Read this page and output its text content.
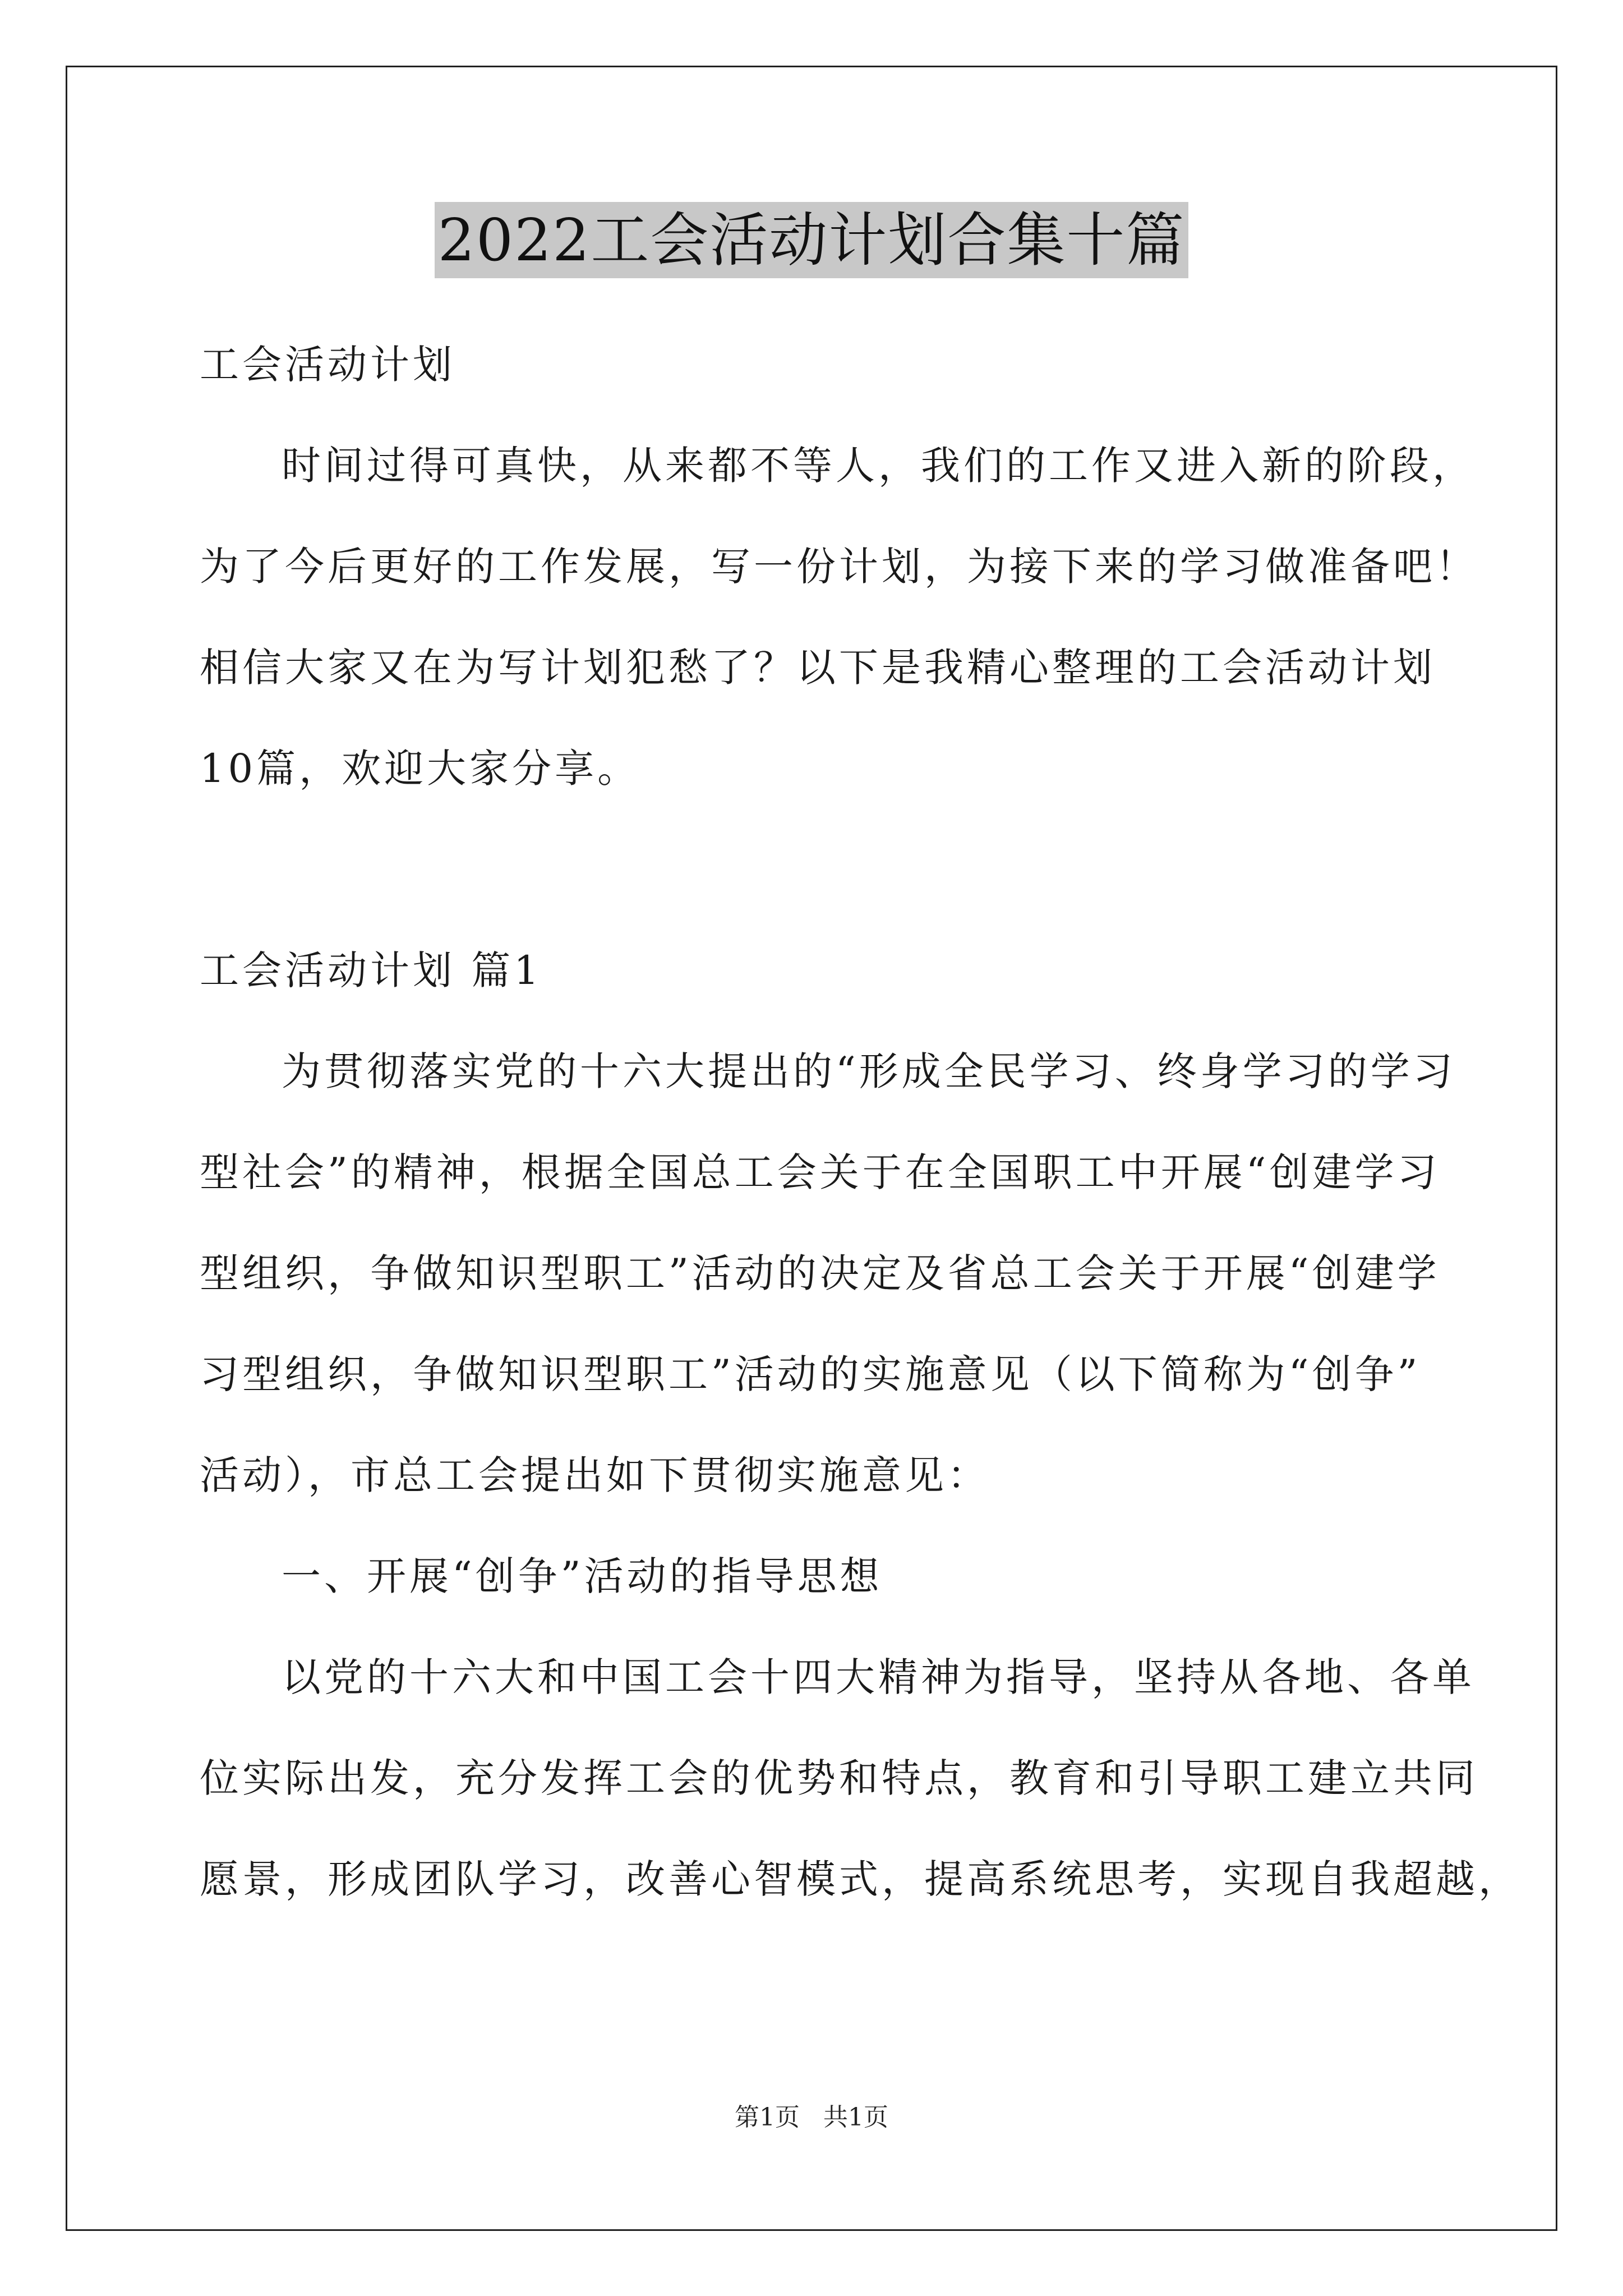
2022工会活动计划合集十篇

工会活动计划

时间过得可真快，从来都不等人，我们的工作又进入新的阶段，

为了今后更好的工作发展，写一份计划，为接下来的学习做准备吧！

相信大家又在为写计划犯愁了？以下是我精心整理的工会活动计划

10篇，欢迎大家分享。

工会活动计划 篇1

为贯彻落实党的十六大提出的“形成全民学习、终身学习的学习

型社会”的精神，根据全国总工会关于在全国职工中开展“创建学习

型组织，争做知识型职工”活动的决定及省总工会关于开展“创建学

习型组织，争做知识型职工”活动的实施意见（以下简称为“创争”

活动），市总工会提出如下贯彻实施意见：

一、开展“创争”活动的指导思想

以党的十六大和中国工会十四大精神为指导，坚持从各地、各单

位实际出发，充分发挥工会的优势和特点，教育和引导职工建立共同

愿景，形成团队学习，改善心智模式，提高系统思考，实现自我超越，

第1页 共1页
